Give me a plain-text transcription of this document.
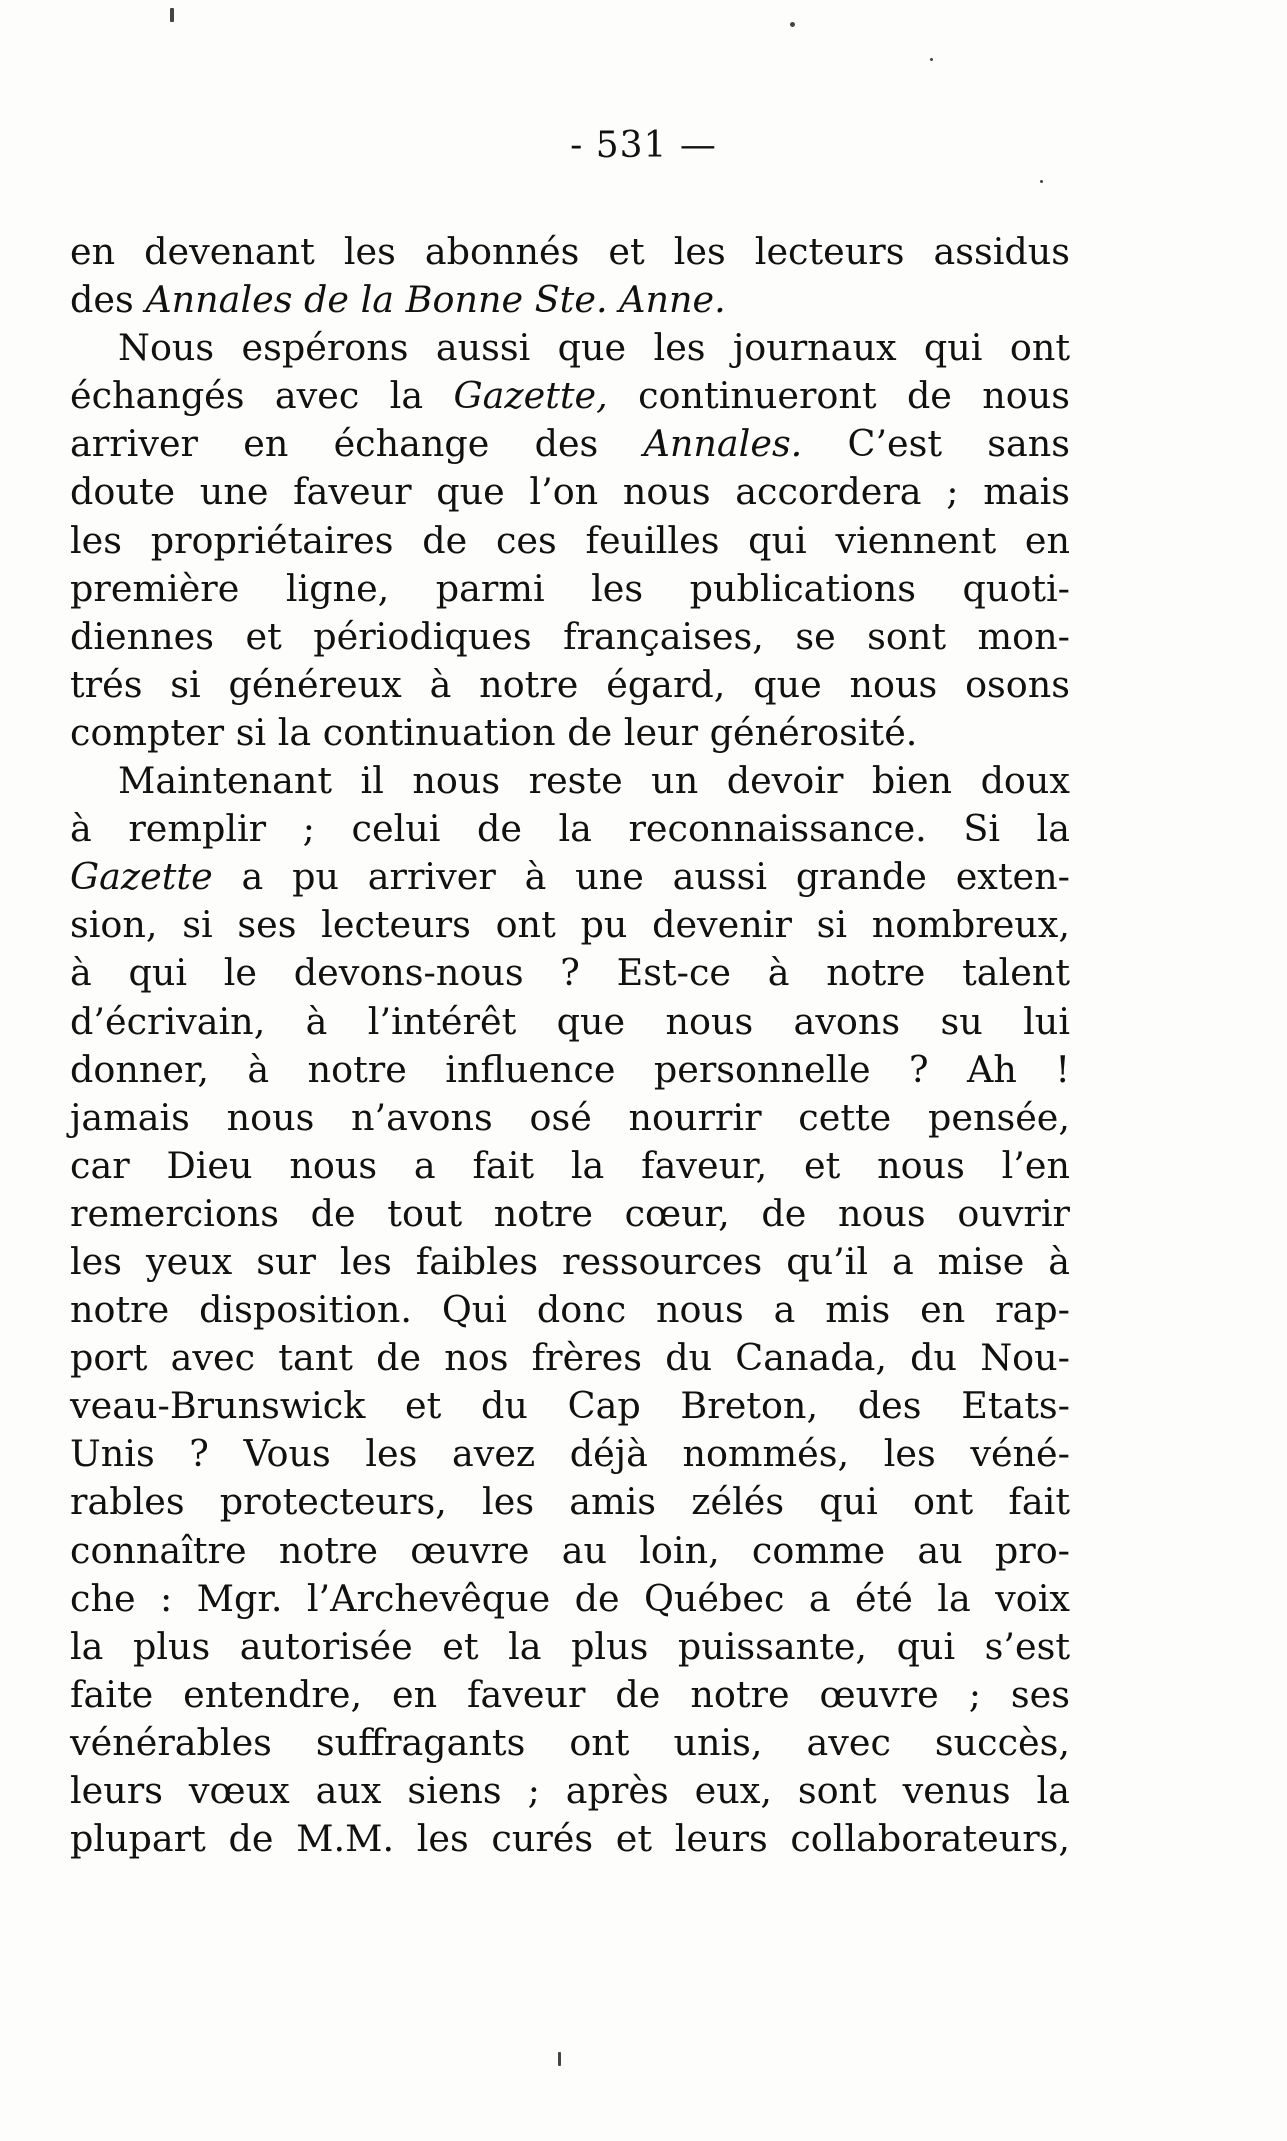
- 531 —
en devenant les abonnés et les lecteurs assidus
des Annales de la Bonne Ste. Anne.
Nous espérons aussi que les journaux qui ont
échangés avec la Gazette, continueront de nous
arriver en échange des Annales. C’est sans
doute une faveur que l’on nous accordera ; mais
les propriétaires de ces feuilles qui viennent en
première ligne, parmi les publications quoti-
diennes et périodiques françaises, se sont mon-
trés si généreux à notre égard, que nous osons
compter si la continuation de leur générosité.
Maintenant il nous reste un devoir bien doux
à remplir ; celui de la reconnaissance. Si la
Gazette a pu arriver à une aussi grande exten-
sion, si ses lecteurs ont pu devenir si nombreux,
à qui le devons-nous ? Est-ce à notre talent
d’écrivain, à l’intérêt que nous avons su lui
donner, à notre influence personnelle ? Ah !
jamais nous n’avons osé nourrir cette pensée,
car Dieu nous a fait la faveur, et nous l’en
remercions de tout notre cœur, de nous ouvrir
les yeux sur les faibles ressources qu’il a mise à
notre disposition. Qui donc nous a mis en rap-
port avec tant de nos frères du Canada, du Nou-
veau-Brunswick et du Cap Breton, des Etats-
Unis ? Vous les avez déjà nommés, les véné-
rables protecteurs, les amis zélés qui ont fait
connaître notre œuvre au loin, comme au pro-
che : Mgr. l’Archevêque de Québec a été la voix
la plus autorisée et la plus puissante, qui s’est
faite entendre, en faveur de notre œuvre ; ses
vénérables suffragants ont unis, avec succès,
leurs vœux aux siens ; après eux, sont venus la
plupart de M.M. les curés et leurs collaborateurs,
